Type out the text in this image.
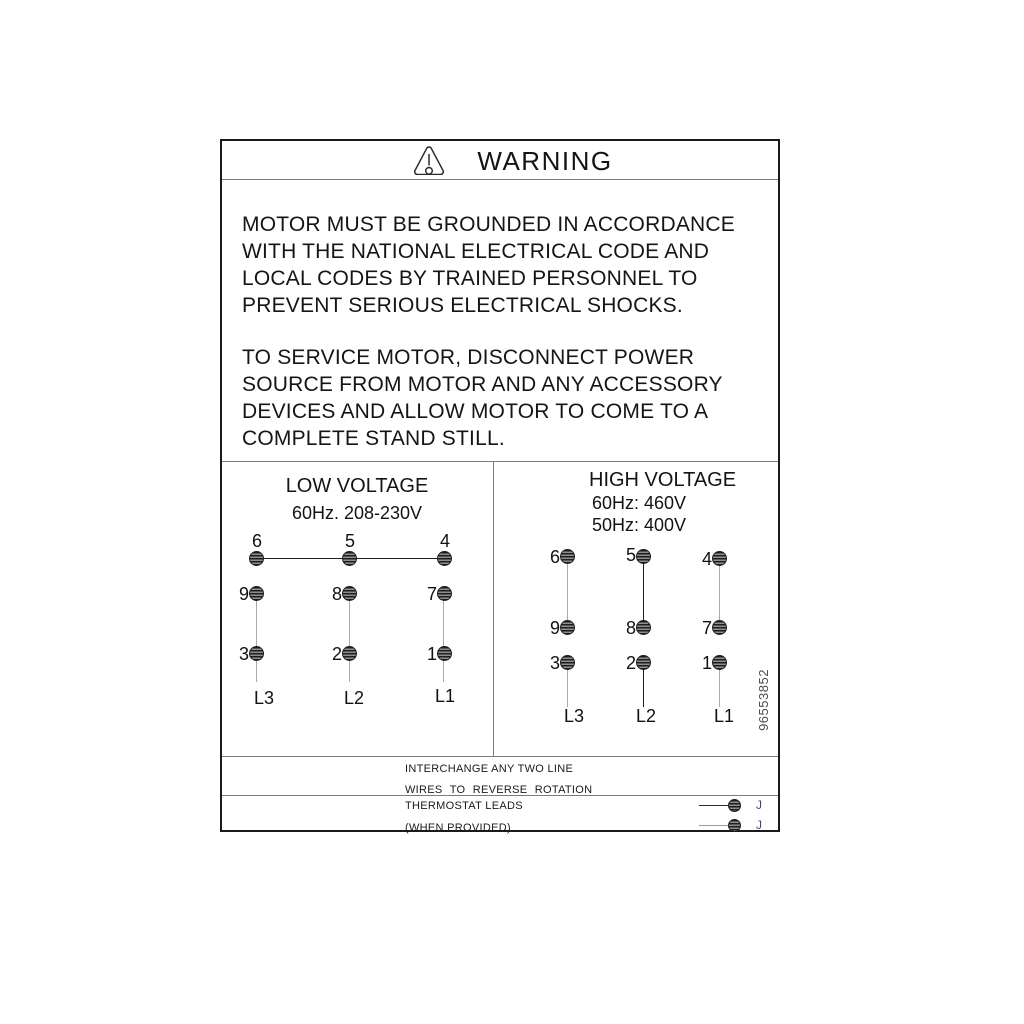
WARNING
MOTOR MUST BE GROUNDED IN ACCORDANCE
WITH THE NATIONAL ELECTRICAL CODE AND
LOCAL CODES BY TRAINED PERSONNEL TO
PREVENT SERIOUS ELECTRICAL SHOCKS.
TO SERVICE MOTOR, DISCONNECT POWER
SOURCE FROM MOTOR AND ANY ACCESSORY
DEVICES AND ALLOW MOTOR TO COME TO A
COMPLETE STAND STILL.
LOW VOLTAGE
60Hz. 208-230V
6	5	4
9	8	7
3	2	1
L3	L2	L1
HIGH VOLTAGE
60Hz: 460V
50Hz: 400V
6	5	4
9	8	7
3	2	1
L3	L2	L1	96553852
INTERCHANGE ANY TWO LINE
WIRES TO REVERSE ROTATION
THERMOSTAT LEADS
(WHEN PROVIDED)
J
J
